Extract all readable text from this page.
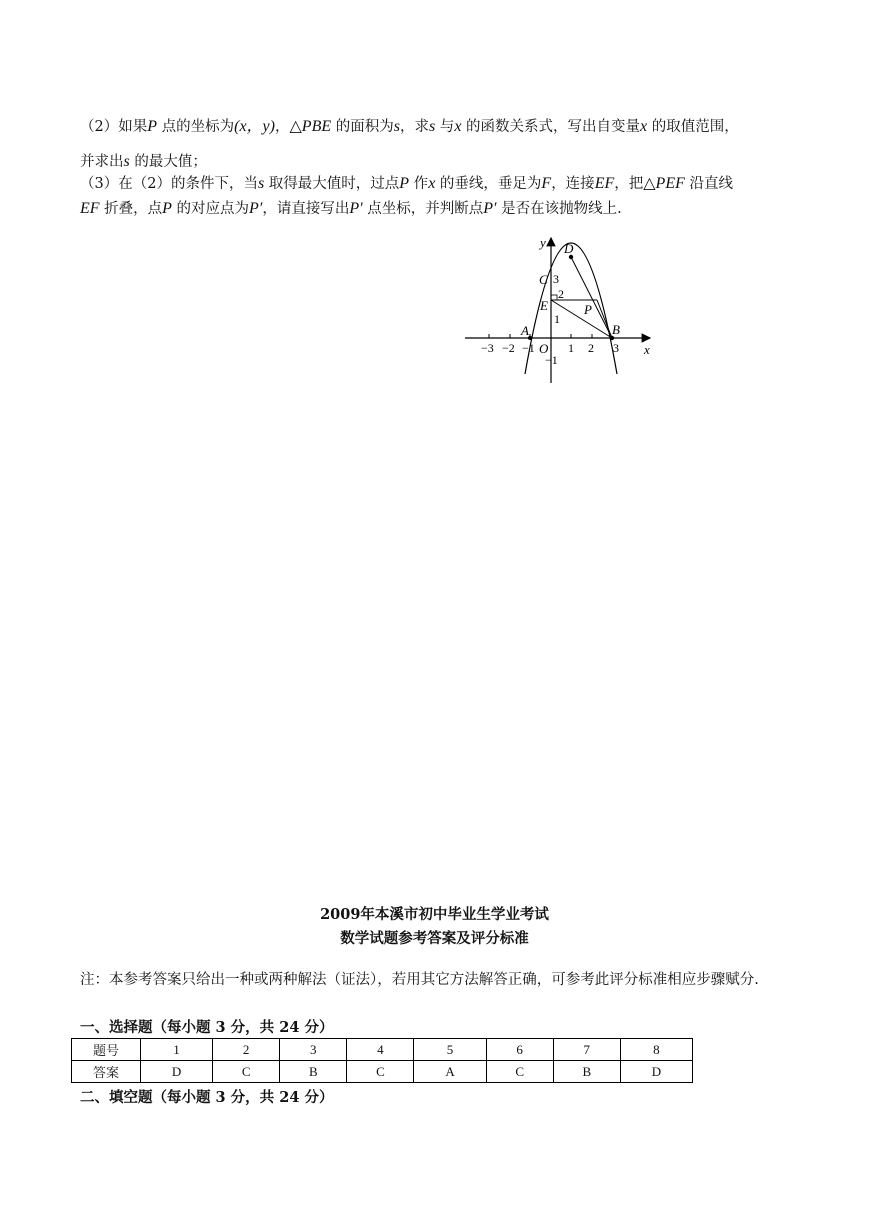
（2）如果P 点的坐标为(x，y)，△PBE 的面积为s，求s 与x 的函数关系式，写出自变量x 的取值范围，
并求出s 的最大值；
（3）在（2）的条件下，当s 取得最大值时，过点P 作x 的垂线，垂足为F，连接EF，把△PEF 沿直线
EF 折叠，点P 的对应点为P′，请直接写出P′ 点坐标，并判断点P′ 是否在该抛物线上.
y
x
D
C
E	P
A	B
O
3
2
1
−1
−3 −2 −1	1 2 3
2009年本溪市初中毕业生学业考试
数学试题参考答案及评分标准
注：本参考答案只给出一种或两种解法（证法），若用其它方法解答正确，可参考此评分标准相应步骤赋分.
一、选择题（每小题 3 分，共 24 分）
题号	1	2	3	4	5	6	7	8
答案	D	C	B	C	A	C	B	D
二、填空题（每小题 3 分，共 24 分）
